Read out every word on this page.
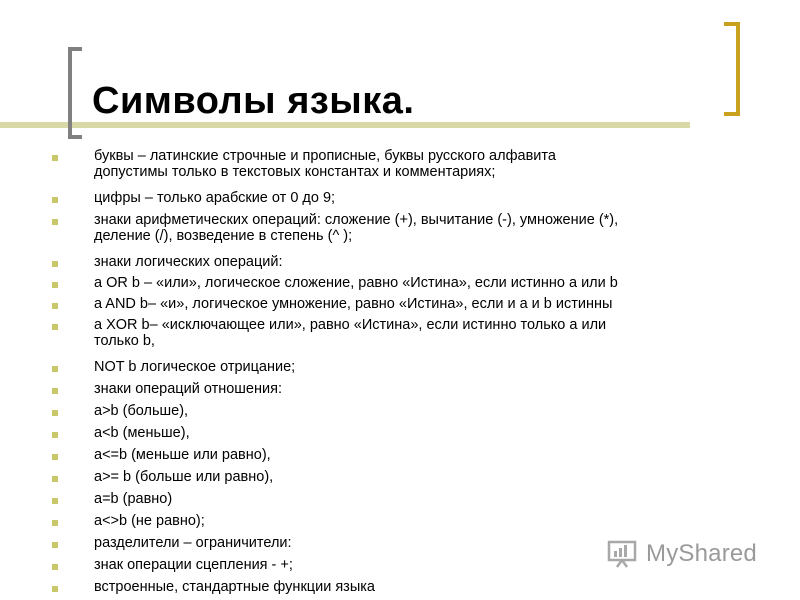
Символы языка.
буквы – латинские строчные и прописные, буквы русского алфавита
допустимы только в текстовых константах и комментариях;
цифры – только арабские от 0 до 9;
знаки арифметических операций: сложение (+), вычитание (-), умножение (*),
деление (/), возведение в степень (^ );
знаки логических операций:
a OR b – «или», логическое сложение, равно «Истина», если истинно a или b
a AND b– «и», логическое умножение, равно «Истина», если и a и b истинны
a XOR b– «исключающее или», равно «Истина», если истинно только a или
только b,
NOT b логическое отрицание;
знаки операций отношения:
a>b (больше),
a<b (меньше),
a<=b (меньше или равно),
a>= b (больше или равно),
a=b (равно)
a<>b (не равно);
разделители – ограничители:
знак операции сцепления - +;
встроенные, стандартные функции языка
MyShared
